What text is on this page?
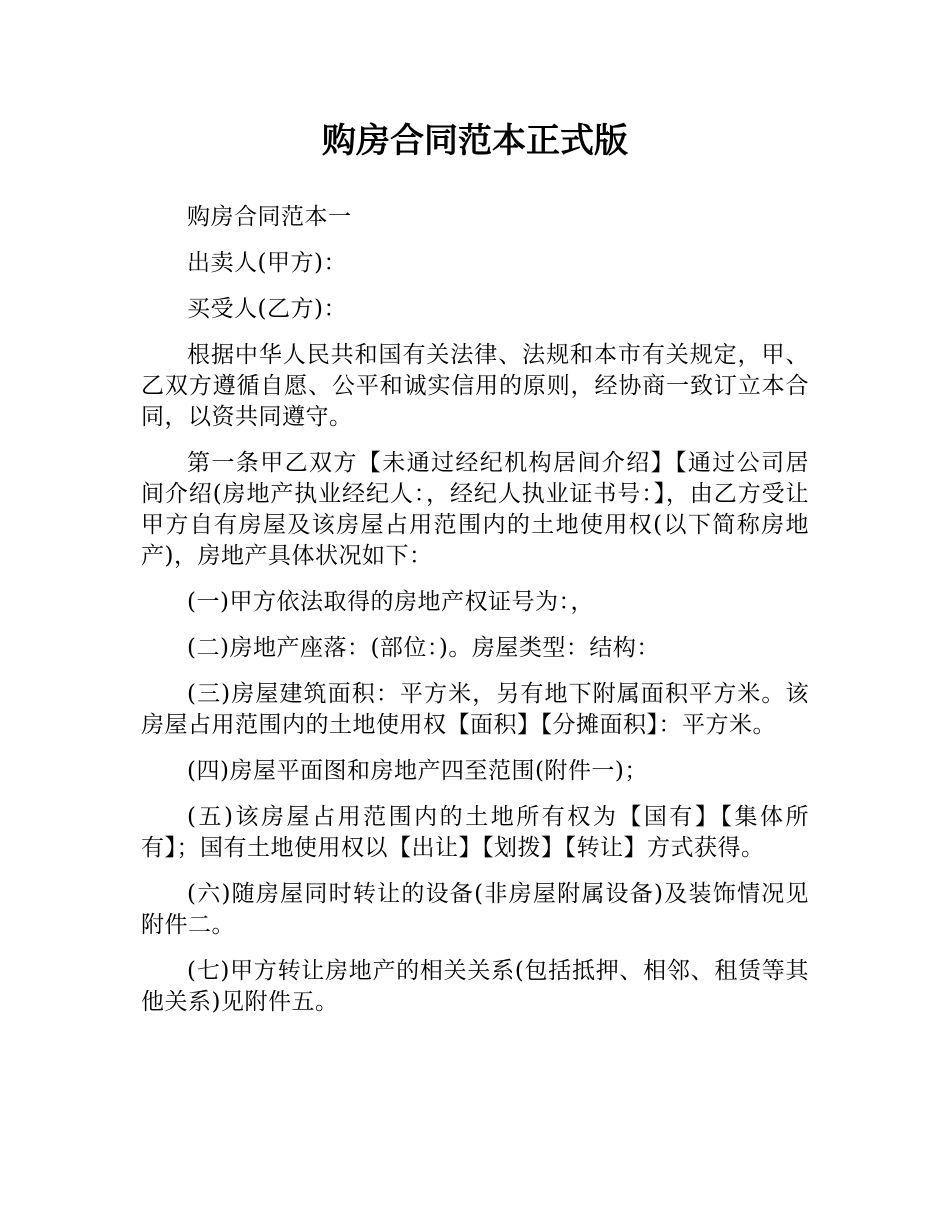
购房合同范本正式版

购房合同范本一

出卖人(甲方)：

买受人(乙方)：

根据中华人民共和国有关法律、法规和本市有关规定，甲、乙双方遵循自愿、公平和诚实信用的原则，经协商一致订立本合同，以资共同遵守。

第一条甲乙双方【未通过经纪机构居间介绍】【通过公司居间介绍(房地产执业经纪人：，经纪人执业证书号：】，由乙方受让甲方自有房屋及该房屋占用范围内的土地使用权(以下简称房地产)，房地产具体状况如下：

(一)甲方依法取得的房地产权证号为：，

(二)房地产座落：(部位：)。房屋类型：结构：

(三)房屋建筑面积：平方米，另有地下附属面积平方米。该房屋占用范围内的土地使用权【面积】【分摊面积】：平方米。

(四)房屋平面图和房地产四至范围(附件一)；

(五)该房屋占用范围内的土地所有权为【国有】【集体所有】；国有土地使用权以【出让】【划拨】【转让】方式获得。

(六)随房屋同时转让的设备(非房屋附属设备)及装饰情况见附件二。

(七)甲方转让房地产的相关关系(包括抵押、相邻、租赁等其他关系)见附件五。
